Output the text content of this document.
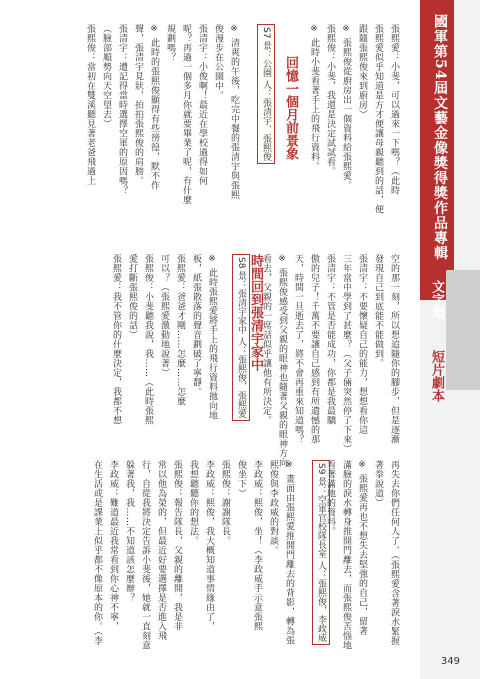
國軍第54屆文藝金像獎得獎作品專輯
文字類
短片劇本
張熙愛：小斐，可以過來一下嗎？（此時
張熙愛似乎知道是方才便讓母親聽到的話，便
跟隨張熙俊來到廚房）
※ 張熙俊從廚房出一個資料給張熙愛。
張熙俊：小斐，我還是決定試試看。
※ 此時小斐看著手上的飛行資料。
回憶一個月前景象
S7 景：公園 人：張清宇、張熙俊
※ 清爽的午後，吃完中餐的張清宇與張熙
俊漫步在公園中。
張清宇：小俊啊！最近在學校過得如何
呢？再過一個多月你就要畢業了呢，有什麼
規劃嗎？
※ 此時的張熙俊顯得有些徬徨，默不作
聲，張清宇見狀，拍拍張熙俊的肩膀。
張清宇：遭記得當時選擇空軍的原因嗎？
（臉部順勢向天空望去）
張熙俊：當初在雙溪聽見著老爸飛過上
空的那一刻，所以想追隨你的腳步，但是逐漸
發現自己到底能不能做到。
張清宇：不要懷疑自己的能力，想想看你這
三年當中學到了甚麼？（父子倆突然停了下來）
張清宇：不管是否能成功，你都是我最驕
傲的兒子！千萬不要讓自己感到有所遺憾的那
天，時間一旦逝去了，將不會再重來知道嗎？
※ 張熙俊感受到父親的眼神也隨著父親的眼神方向
看去，父親的一席話似乎讓他有所決定。
時間回到張清宇家中
S8 景：張清宇家中 人：張熙俊、張熙愛
※ 此時張熙愛將手上的飛行資料拋向地
板，紙張散落的聲音劃破了寧靜。
張熙愛：爸爸才剛……怎麼……怎麼
可以？（張熙愛激動地說著）
張熙俊：小斐聽我說，我……（此時張熙
愛打斷張熙俊的話）
張熙愛：我不管你的什麼決定，我都不想
再失去你們任何人了。（張熙愛含著淚水緊握
著拳說道）
※ 張熙愛再也不想失去堅強的自己，留著
滿臉的淚水轉身推開門離去，而張熙俊苦惱地
看著滿地的資料。
S9 景：空軍官校隊長室 人：張熙俊、李政威
※ 畫面由張熙愛推開門離去的背影，轉為張
熙俊與李政威的對談。
李政威：熙俊，坐！（李政威手示意張熙
俊坐下）
張熙俊：謝謝隊長。
李政威：熙俊，我大概知道事情緣由了，
我想聽聽你的想法。
張熙俊：報告隊長，父親的離開，我是非
常以他為榮的，但最近好要選擇是否進入飛
行，自從我將決定告訴小斐後，她就一直刻意
躲著我，我……不知道該怎麼辦？
李政威：難道最近我常看到你心神不寧，
在生活或是課業上似乎都不像原本的你。（李
349
